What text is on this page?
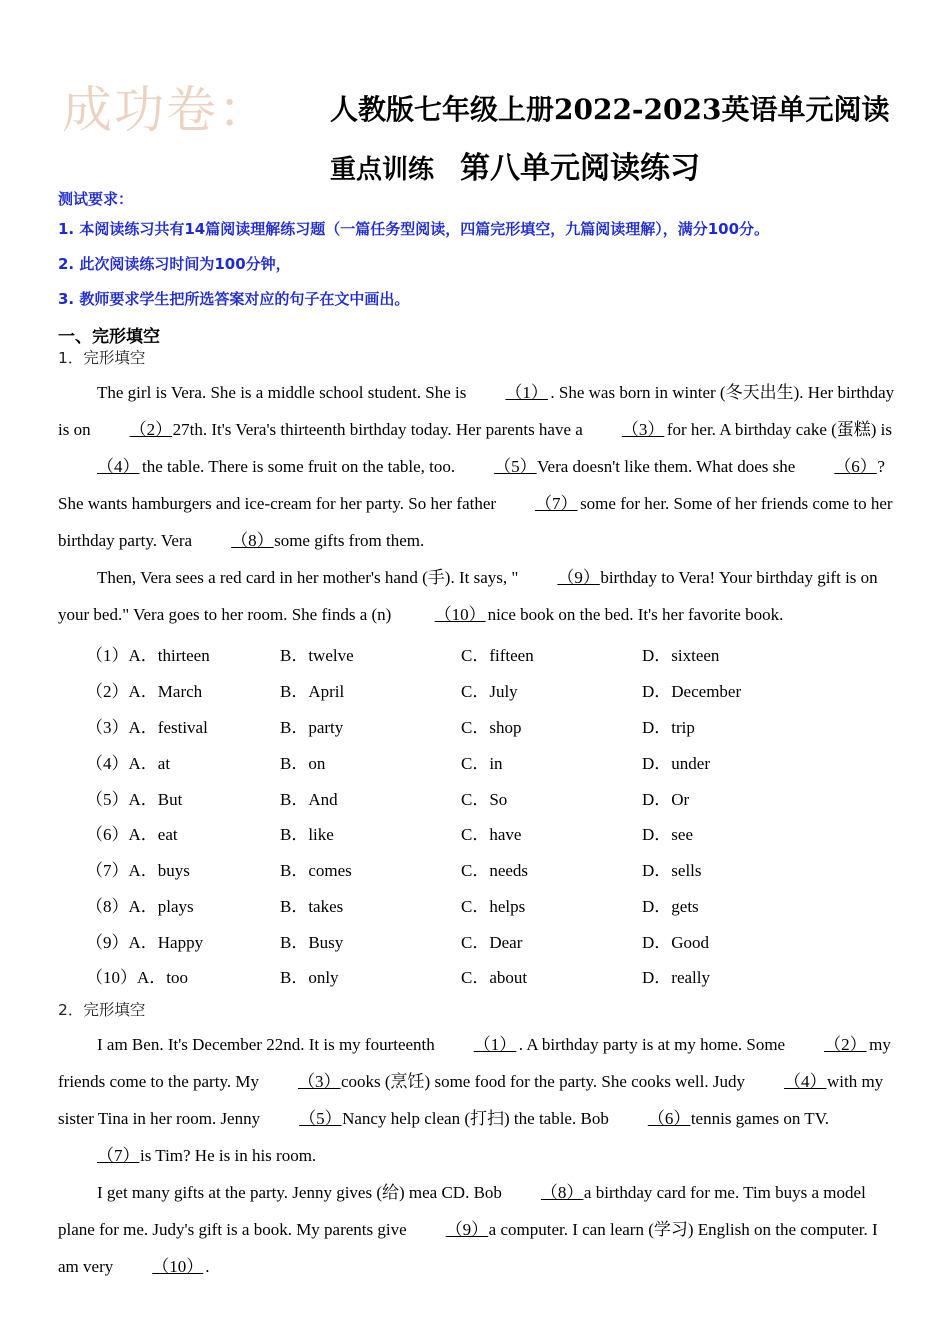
成功卷： 人教版七年级上册2022-2023英语单元阅读
重点训练 第八单元阅读练习
测试要求：
1. 本阅读练习共有14篇阅读理解练习题（一篇任务型阅读，四篇完形填空，九篇阅读理解），满分100分。
2. 此次阅读练习时间为100分钟，
3. 教师要求学生把所选答案对应的句子在文中画出。
一、完形填空
1．完形填空

The girl is Vera. She is a middle school student. She is （1） . She was born in winter (冬天出生). Her birthday is on （2）27th. It's Vera's thirteenth birthday today. Her parents have a （3） for her. A birthday cake (蛋糕) is（4） the table. There is some fruit on the table, too. （5）Vera doesn't like them. What does she （6）? She wants hamburgers and ice-cream for her party. So her father （7） some for her. Some of her friends come to her birthday party. Vera （8）some gifts from them.

Then, Vera sees a red card in her mother's hand (手). It says, " （9）birthday to Vera! Your birthday gift is on your bed." Vera goes to her room. She finds a (n) （10） nice book on the bed. It's her favorite book.

（1）A．thirteen	B．twelve	C．fifteen	D．sixteen
（2）A．March	B．April	C．July	D．December
（3）A．festival	B．party	C．shop	D．trip
（4）A．at	B．on	C．in	D．under
（5）A．But	B．And	C．So	D．Or
（6）A．eat	B．like	C．have	D．see
（7）A．buys	B．comes	C．needs	D．sells
（8）A．plays	B．takes	C．helps	D．gets
（9）A．Happy	B．Busy	C．Dear	D．Good
（10）A．too	B．only	C．about	D．really
2．完形填空

I am Ben. It's December 22nd. It is my fourteenth （1） . A birthday party is at my home. Some （2） my friends come to the party. My （3）cooks (烹饪) some food for the party. She cooks well. Judy （4）with my sister Tina in her room. Jenny （5）Nancy help clean (打扫) the table. Bob （6）tennis games on TV.（7）is Tim? He is in his room.

I get many gifts at the party. Jenny gives (给) mea CD. Bob （8）a birthday card for me. Tim buys a model plane for me. Judy's gift is a book. My parents give （9）a computer. I can learn (学习) English on the computer. I am very （10） .
